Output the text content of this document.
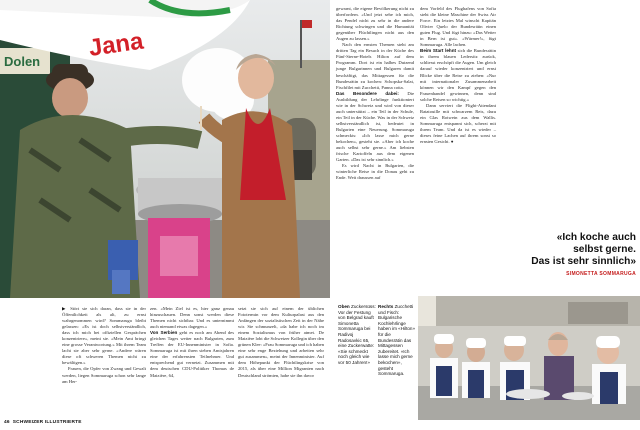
Dolen Jana
gewarnt, die eigene Bevölkerung nicht zu überfordern. «Und jetzt sehe ich mich, das Pendel nicht zu sehr in die andere Richtung schwingen und die Humanität gegenüber Flüchtlingen nicht aus den Augen zu lassen.»
Nach den ernsten Themen steht am dritten Tag ein Besuch in der Küche des Fünf-Sterne-Hotels Hilton auf dem Programm. Dort ist ein halbes Dutzend junge Bulgarinnen und Bulgaren damit beschäftigt, das Mittagessen für die Bundesrätin zu kochen: Schopska-Salat, Fischfilet mit Zucchetti, Panna cotta.
Das Besondere dabei: Die Ausbildung der Lehrlinge funktioniert wie in der Schweiz und wird von dieser auch unterstützt – ein Teil in der Schule, ein Teil in der Küche. Was in der Schweiz selbstverständlich ist, bedeutet in Bulgarien eine Neuerung. Sommaruga schmeckts: «Ich lasse mich gerne bekochen», gesteht sie. «Aber ich koche auch selbst sehr gerne.» Am liebsten frische Kartoffeln aus dem eigenen Garten. «Das ist sehr sinnlich.»
Es wird Nacht in Bulgarien, die winterliche Reise in die Donau geht zu Ende. Weit draussen auf
dem Vorfeld des Flughafens von Sofia steht die kleine Maschine der Swiss Air Force. Ein letztes Mal winscht Kapitän Olivier Quelo der Bundesrätin einen guten Flug. Und fügt hinzu: «Das Wetter in Bern ist gut». «Wärmer!», fügt Sommaruga. Alle lachen.
Beim Start lehnt sich die Bundesrätin in ihrem blauen Ledersitz zurück, schliesst erschöpft die Augen. Um gleich darauf wieder konzentriert und ernst Blicke über die Reise zu ziehen: «Nur mit internationaler Zusammenarbeit können wir den Kampf gegen den Frauenhandel gewinnen, denn sind solche Reisen so wichtig.»
Dann serviert die Flight-Attendant Ratatouille mit schwarzem Reis, dazu ein Glas Rotwein aus dem Wallis. Sommaruga entspannt sich, scherzt mit ihrem Team. Und da ist es wieder – dieses feine Lachen auf ihrem sonst so ernsten Gesicht. ●
«Ich koche auch
selbst gerne.
Das ist sehr sinnlich»
SIMONETTA SOMMARUGA
▶ Stört sie sich daran, dass sie in der Öffentlichkeit als alt, zu ernst wahrgenommen wird? Sommaruga bleibt gelassen: «Es ist doch selbstverständlich, dass ich mich bei offiziellen Gesprächen konzentriere», meint sie. «Mein Amt bringt eine grosse Verantwortung.» Mit ihrem Team lacht sie aber sehr gerne. «Andere wären diese oft schweren Themen nicht zu bewältigen.»
Frauen, die Opfer von Zwang und Gewalt werden, liegen Sommaruga schon sehr lange am Her-
zen. «Mein Ziel ist es, hier ganz genau hinzuschauen. Denn sonst werden diese Themen nicht sichtbar. Und es unternimmt auch niemand etwas dagegen.»
Von Serbien geht es noch am Abend des gleichen Tages weiter nach Bulgarien, zum Treffen der EU-Innenminister in Sofia. Sommaruga ist mit ihren sieben Amtsjahren eine der erfahrensten Teilnehmer. Und entsprechend gut vernetzt. Zusammen mit dem deutschen CDU-Politiker Thomas de Maizière, 64,
setzt sie sich auf einem der üblichen Fototermin vor dem Kulturpalast aus den Anfängen der sozialistischen Zeit in der Nähe wir. Sie schmunzelt, «da habe ich noch im einem Sozialismus von früher atmet. De Maizière lobt die Schweizer Kollegin über den grünen Klee: «Frau Sommaruga und ich haben eine sehr enge Beziehung und arbeiten sehr gut zusammen», meint der Innenminister. Auf dem Höhepunkt der Flüchtlingskrise von 2015, als über eine Million Migranten nach Deutschland strömten, habe sie ihn davor
Oben Zuckersüss: Vor der Festung von Belgrad kauft Simonetta Sommaruga bei Radivoj Radosavkic 65, eine Zuckerwatte: «Sie schmeckt noch gleich wie vor 50 Jahren!»
Rechts Zucchetti und Fisch: Bulgarische Kochlehrlinge haben im «Hilton» für die Bundesrätin das Mittagessen zubereitet. «Ich lasse mich gerne bekochen», gesteht Sommaruga.
46 SCHWEIZER ILLUSTRIERTE
